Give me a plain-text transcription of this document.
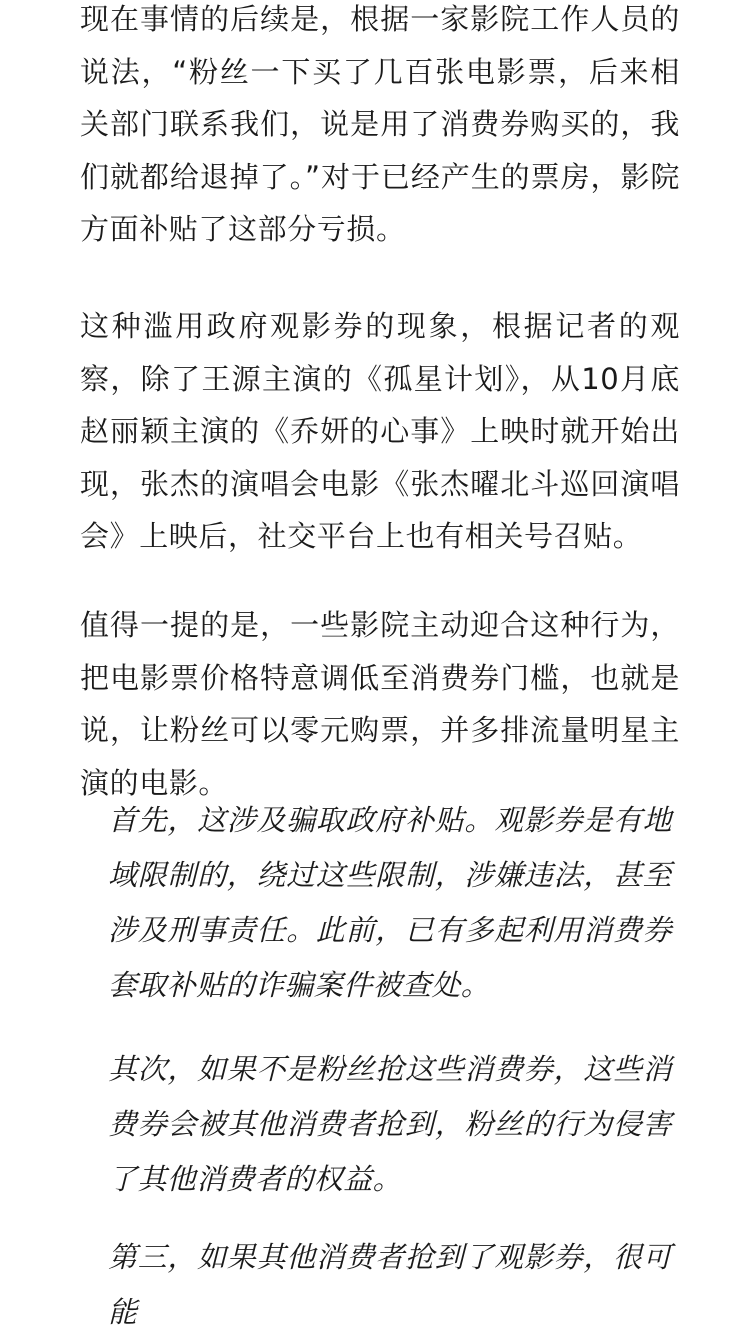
现在事情的后续是，根据一家影院工作人员的说法，“粉丝一下买了几百张电影票，后来相关部门联系我们，说是用了消费券购买的，我们就都给退掉了。”对于已经产生的票房，影院方面补贴了这部分亏损。

这种滥用政府观影券的现象，根据记者的观察，除了王源主演的《孤星计划》，从10月底赵丽颖主演的《乔妍的心事》上映时就开始出现，张杰的演唱会电影《张杰曜北斗巡回演唱会》上映后，社交平台上也有相关号召贴。

值得一提的是，一些影院主动迎合这种行为，把电影票价格特意调低至消费券门槛，也就是说，让粉丝可以零元购票，并多排流量明星主演的电影。

首先，这涉及骗取政府补贴。观影券是有地域限制的，绕过这些限制，涉嫌违法，甚至涉及刑事责任。此前，已有多起利用消费券套取补贴的诈骗案件被查处。

其次，如果不是粉丝抢这些消费券，这些消费券会被其他消费者抢到，粉丝的行为侵害了其他消费者的权益。

第三，如果其他消费者抢到了观影券，很可能
